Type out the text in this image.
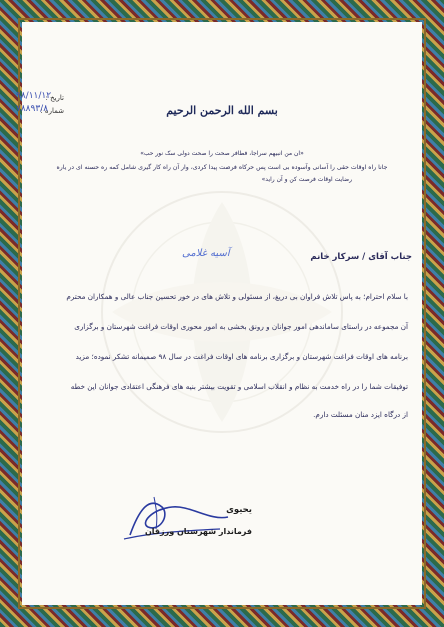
تاریخ :
۹۸/۱۱/۱۲
شماره :
۷۸۸۹۳/۸	بسم الله الرحمن الرحیم
«ان من انبیهم سراجا، فطافر صحت را صحت دولی سک نور حب»
جانا راه اوقات حقی را آسانی وآسوده بی است پس حرکاه فرصت پیدا کردی، وار آن راه کار گیری شامل کمه ره حسنه ای در یاره
رضایت اوقات فرصت کن و آن راید»
جناب آقای / سرکار خانم
آسیه غلامی
با سلام احترام؛ به پاس تلاش فراوان بی دریغ، از مسئولی و تلاش های در خور تحسین جناب عالی و همکاران محترم
آن مجموعه در راستای ساماندهی امور جوانان و رونق بخشی به امور محوری اوقات فراغت شهرستان و برگزاری
برنامه های اوقات فراغت شهرستان و برگزاری برنامه های اوقات فراغت در سال ۹۸ صمیمانه تشکر نموده؛ مزید
توفیقات شما را در راه خدمت به نظام و انقلاب اسلامی و تقویت بیشتر بنیه های فرهنگی اعتقادی جوانان این خطه
از درگاه ایزد منان مسئلت دارم.
یحیوی
فرماندار شهرستان ورزقان
